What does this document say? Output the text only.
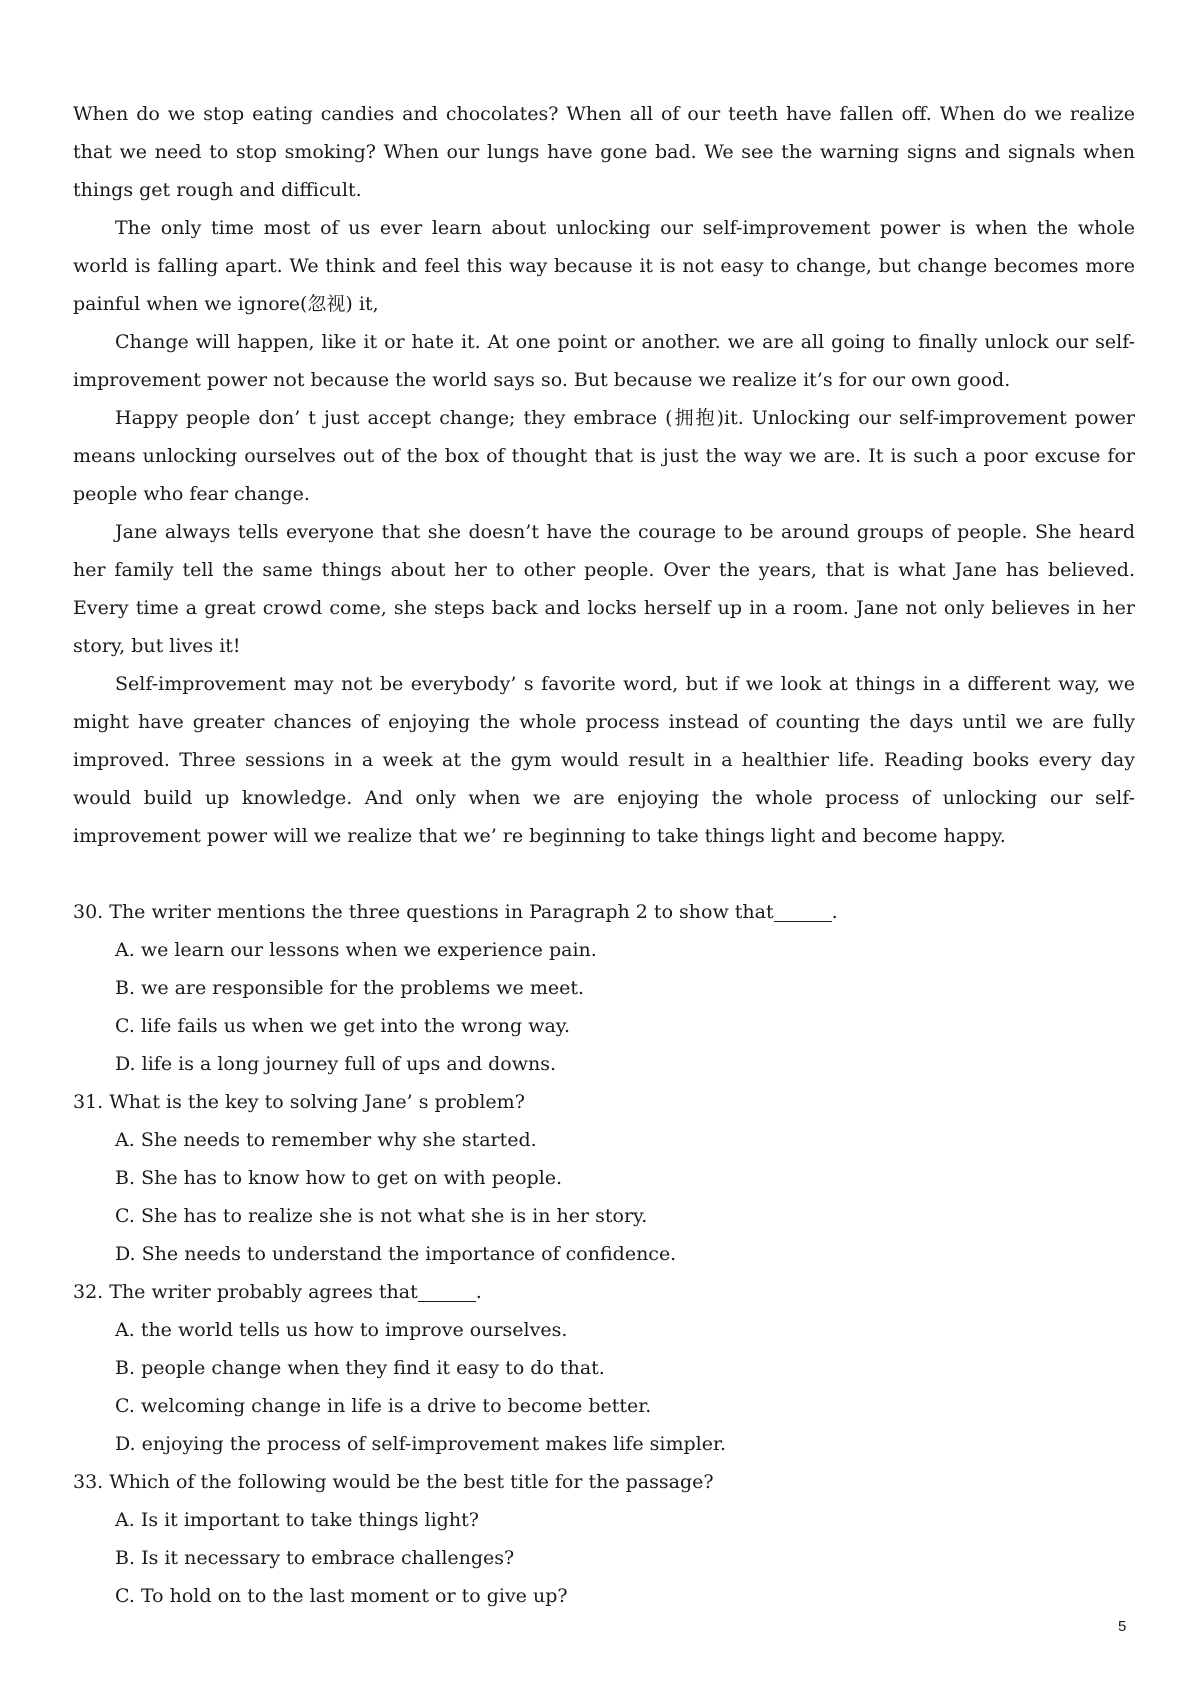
When do we stop eating candies and chocolates? When all of our teeth have fallen off. When do we realize that we need to stop smoking? When our lungs have gone bad. We see the warning signs and signals when things get rough and difficult.

The only time most of us ever learn about unlocking our self-improvement power is when the whole world is falling apart. We think and feel this way because it is not easy to change, but change becomes more painful when we ignore(忽视) it,

Change will happen, like it or hate it. At one point or another. we are all going to finally unlock our self-improvement power not because the world says so. But because we realize it’s for our own good.

Happy people don’ t just accept change; they embrace (拥抱)it. Unlocking our self-improvement power means unlocking ourselves out of the box of thought that is just the way we are. It is such a poor excuse for people who fear change.

Jane always tells everyone that she doesn’t have the courage to be around groups of people. She heard her family tell the same things about her to other people. Over the years, that is what Jane has believed. Every time a great crowd come, she steps back and locks herself up in a room. Jane not only believes in her story, but lives it!

Self-improvement may not be everybody’ s favorite word, but if we look at things in a different way, we might have greater chances of enjoying the whole process instead of counting the days until we are fully improved. Three sessions in a week at the gym would result in a healthier life. Reading books every day would build up knowledge. And only when we are enjoying the whole process of unlocking our self-improvement power will we realize that we’ re beginning to take things light and become happy.

30. The writer mentions the three questions in Paragraph 2 to show that	.

A. we learn our lessons when we experience pain.

B. we are responsible for the problems we meet.

C. life fails us when we get into the wrong way.

D. life is a long journey full of ups and downs.

31. What is the key to solving Jane’ s problem?

A. She needs to remember why she started.

B. She has to know how to get on with people.

C. She has to realize she is not what she is in her story.

D. She needs to understand the importance of confidence.

32. The writer probably agrees that	.

A. the world tells us how to improve ourselves.

B. people change when they find it easy to do that.

C. welcoming change in life is a drive to become better.

D. enjoying the process of self-improvement makes life simpler.

33. Which of the following would be the best title for the passage?

A. Is it important to take things light?

B. Is it necessary to embrace challenges?

C. To hold on to the last moment or to give up?

5
